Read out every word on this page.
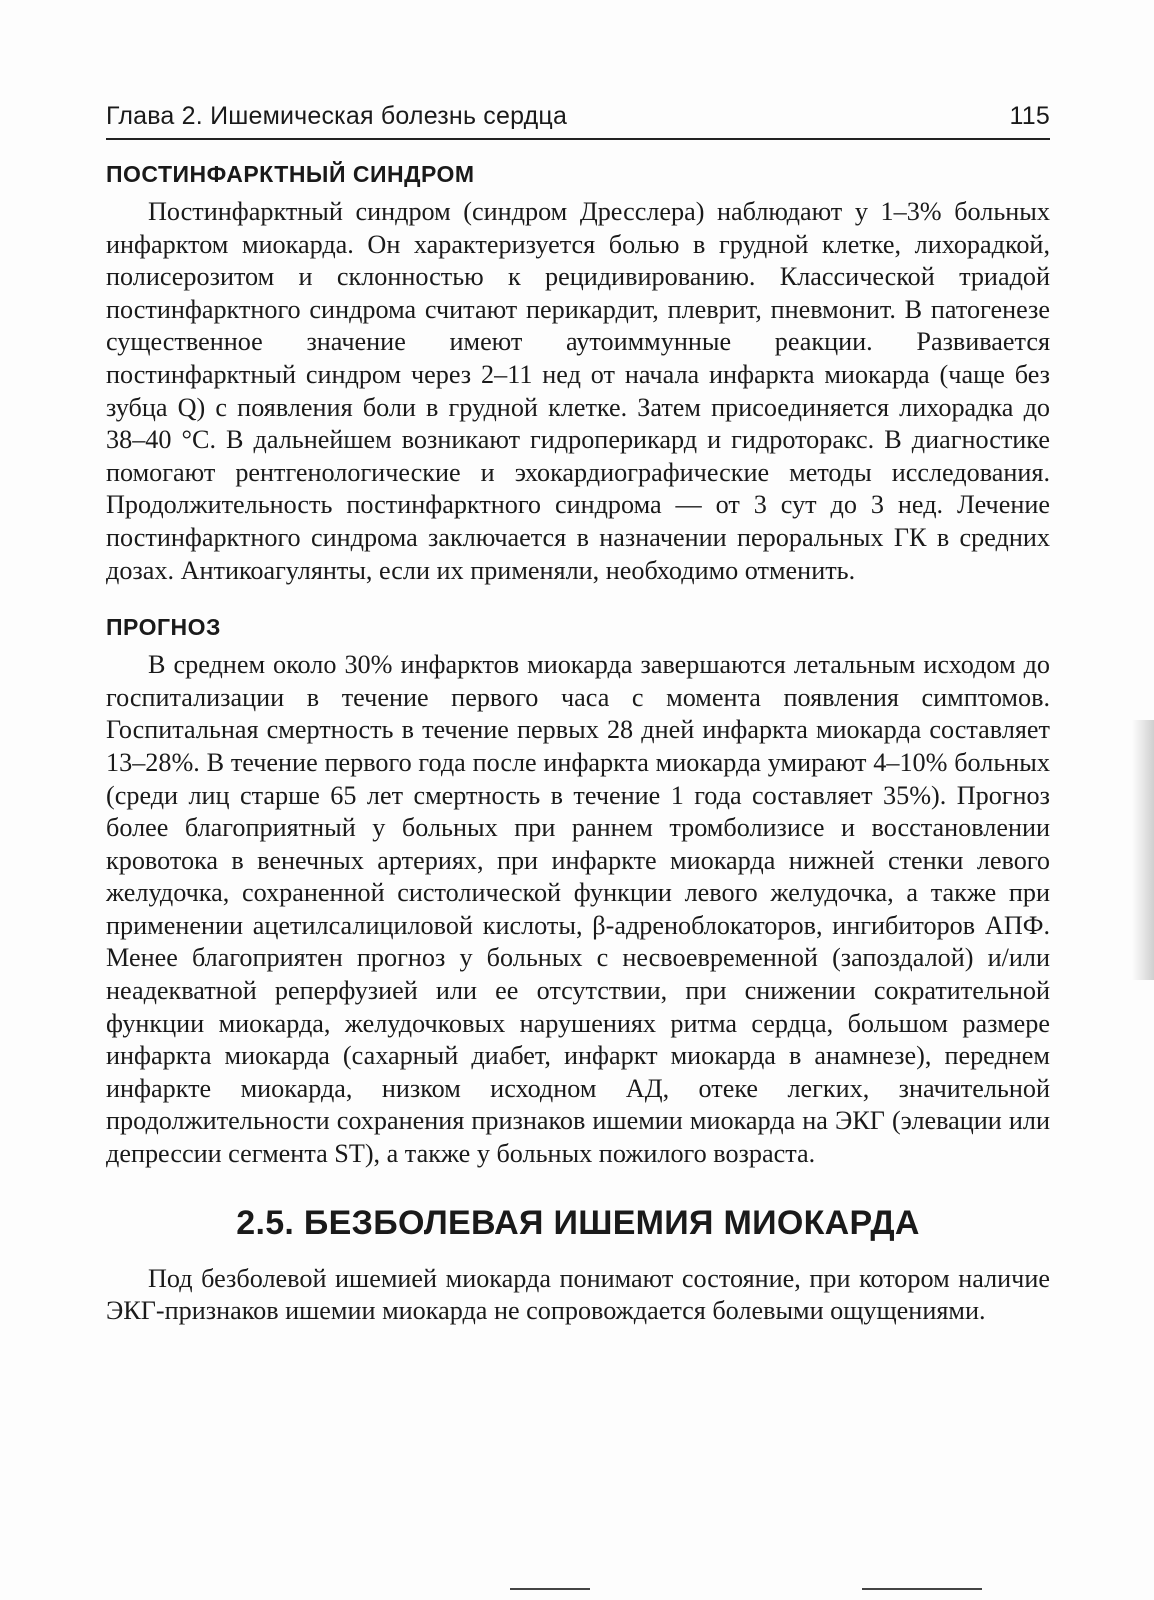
Глава 2. Ишемическая болезнь сердца	115
ПОСТИНФАРКТНЫЙ СИНДРОМ

Постинфарктный синдром (синдром Дресслера) наблюдают у 1–3% больных инфарктом миокарда. Он характеризуется болью в грудной клетке, лихорадкой, полисерозитом и склонностью к рецидивированию. Классической триадой постинфарктного синдрома считают перикардит, плеврит, пневмонит. В патогенезе существенное значение имеют аутоиммунные реакции. Развивается постинфарктный синдром через 2–11 нед от начала инфаркта миокарда (чаще без зубца Q) с появления боли в грудной клетке. Затем присоединяется лихорадка до 38–40 °С. В дальнейшем возникают гидроперикард и гидроторакс. В диагностике помогают рентгенологические и эхокардиографические методы исследования. Продолжительность постинфарктного синдрома — от 3 сут до 3 нед. Лечение постинфарктного синдрома заключается в назначении пероральных ГК в средних дозах. Антикоагулянты, если их применяли, необходимо отменить.

ПРОГНОЗ

В среднем около 30% инфарктов миокарда завершаются летальным исходом до госпитализации в течение первого часа с момента появления симптомов. Госпитальная смертность в течение первых 28 дней инфаркта миокарда составляет 13–28%. В течение первого года после инфаркта миокарда умирают 4–10% больных (среди лиц старше 65 лет смертность в течение 1 года составляет 35%). Прогноз более благоприятный у больных при раннем тромболизисе и восстановлении кровотока в венечных артериях, при инфаркте миокарда нижней стенки левого желудочка, сохраненной систолической функции левого желудочка, а также при применении ацетилсалициловой кислоты, β-адреноблокаторов, ингибиторов АПФ. Менее благоприятен прогноз у больных с несвоевременной (запоздалой) и/или неадекватной реперфузией или ее отсутствии, при снижении сократительной функции миокарда, желудочковых нарушениях ритма сердца, большом размере инфаркта миокарда (сахарный диабет, инфаркт миокарда в анамнезе), переднем инфаркте миокарда, низком исходном АД, отеке легких, значительной продолжительности сохранения признаков ишемии миокарда на ЭКГ (элевации или депрессии сегмента ST), а также у больных пожилого возраста.

2.5. БЕЗБОЛЕВАЯ ИШЕМИЯ МИОКАРДА

Под безболевой ишемией миокарда понимают состояние, при котором наличие ЭКГ-признаков ишемии миокарда не сопровождается болевыми ощущениями.
